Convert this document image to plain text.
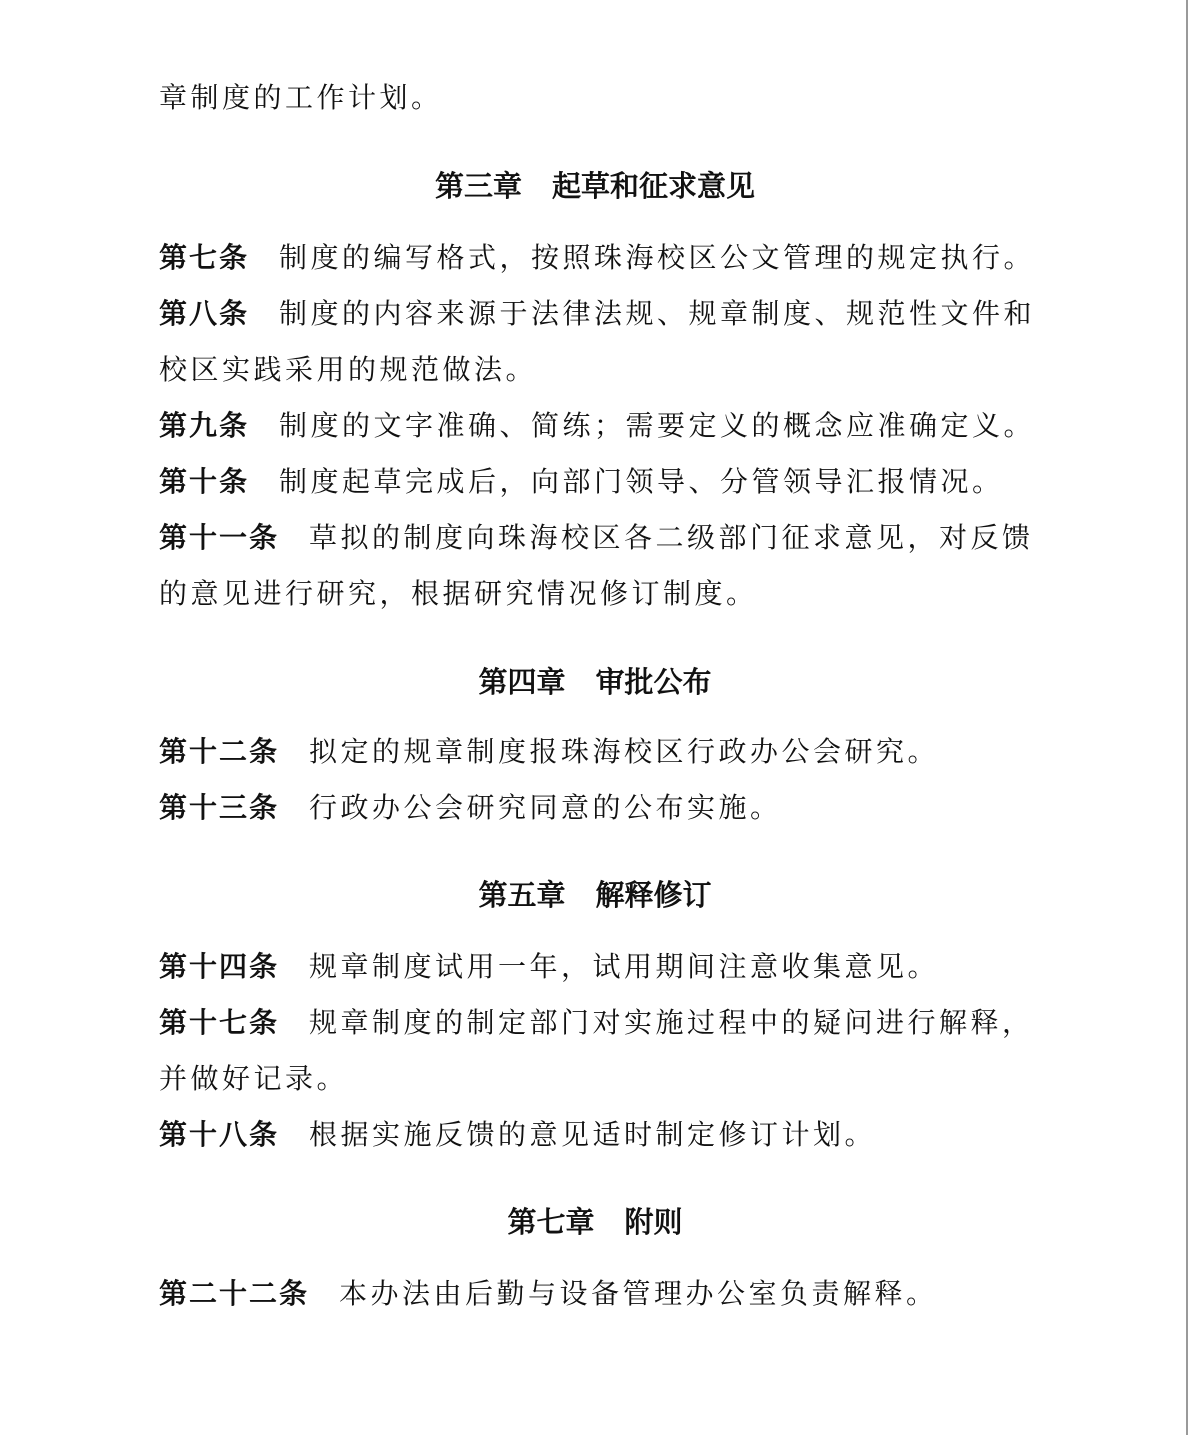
章制度的工作计划。
第三章 起草和征求意见
第七条 制度的编写格式，按照珠海校区公文管理的规定执行。
第八条 制度的内容来源于法律法规、规章制度、规范性文件和
校区实践采用的规范做法。
第九条 制度的文字准确、简练；需要定义的概念应准确定义。
第十条 制度起草完成后，向部门领导、分管领导汇报情况。
第十一条 草拟的制度向珠海校区各二级部门征求意见，对反馈
的意见进行研究，根据研究情况修订制度。
第四章 审批公布
第十二条 拟定的规章制度报珠海校区行政办公会研究。
第十三条 行政办公会研究同意的公布实施。
第五章 解释修订
第十四条 规章制度试用一年，试用期间注意收集意见。
第十七条 规章制度的制定部门对实施过程中的疑问进行解释，
并做好记录。
第十八条 根据实施反馈的意见适时制定修订计划。
第七章 附则
第二十二条 本办法由后勤与设备管理办公室负责解释。
